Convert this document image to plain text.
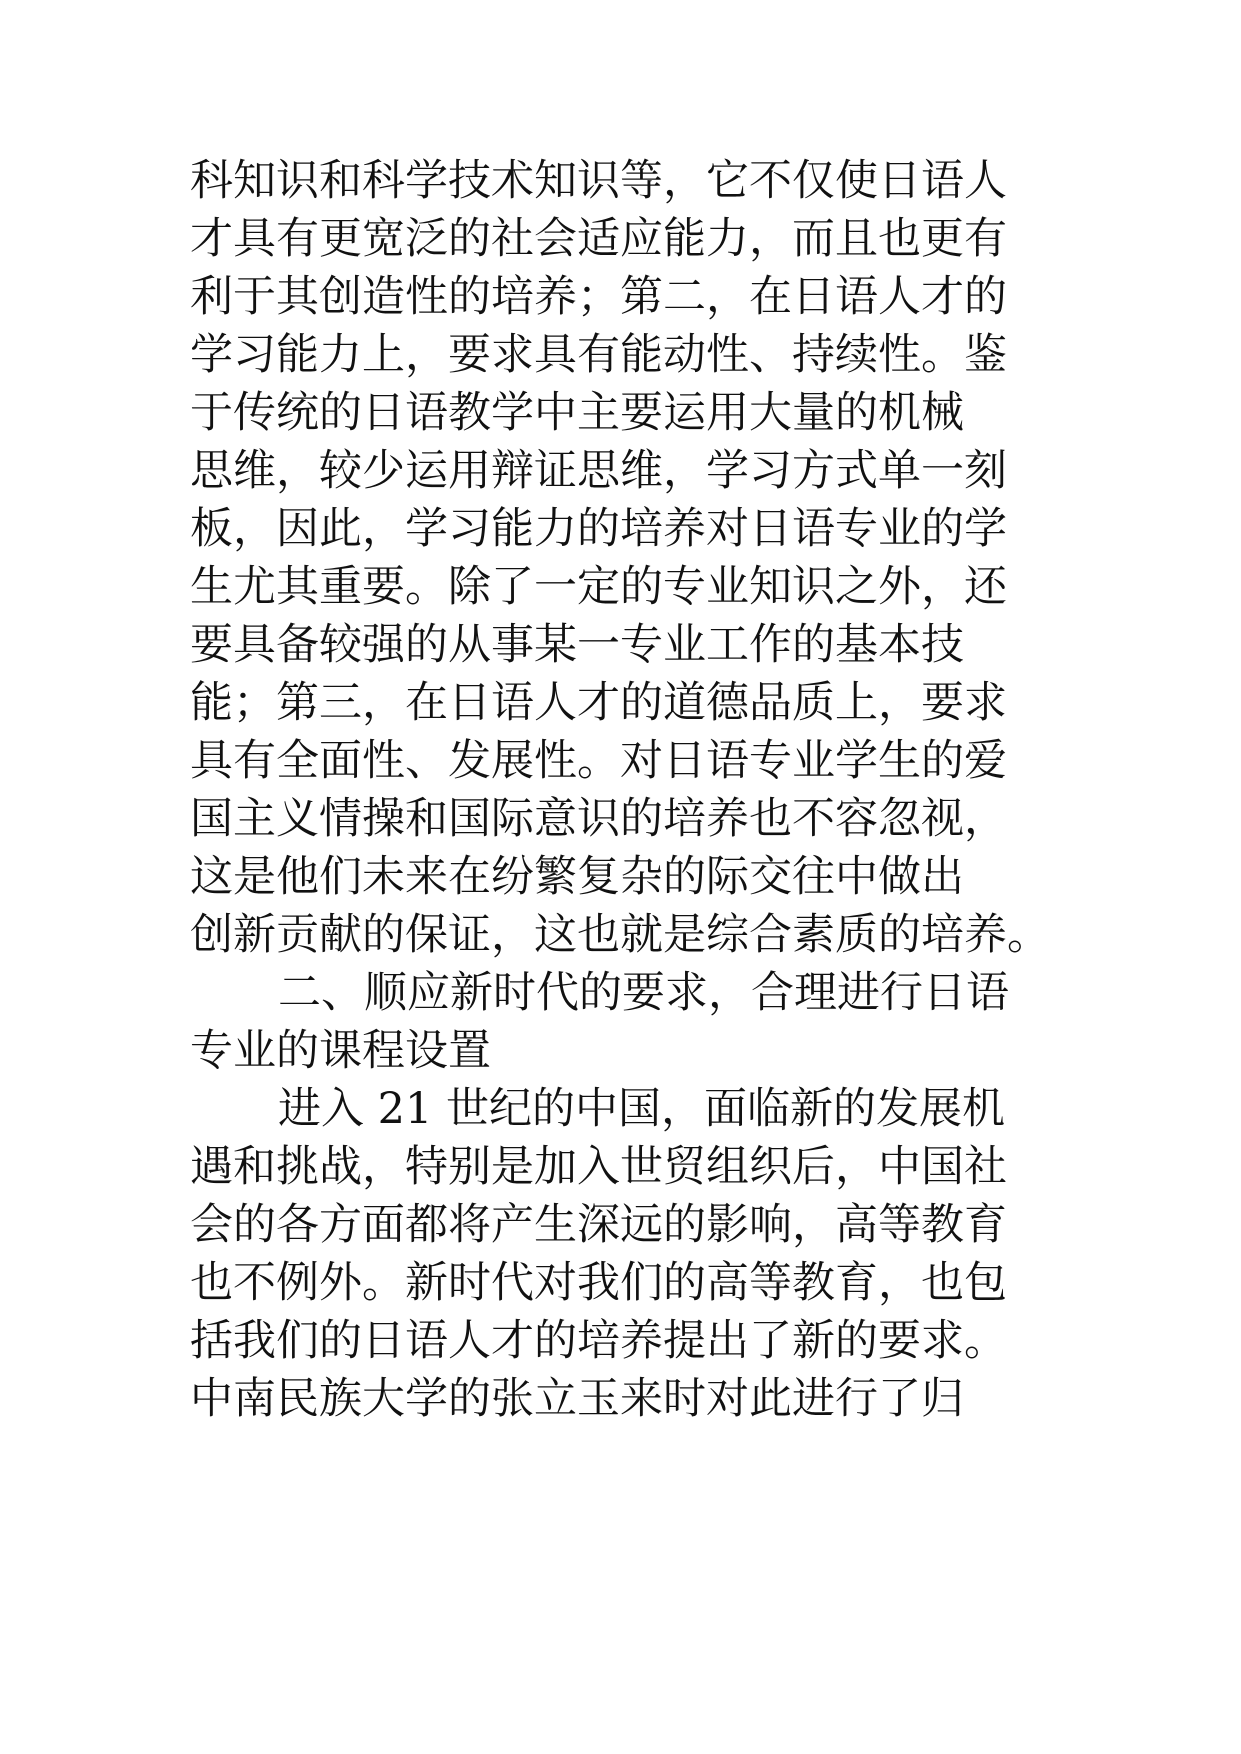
科知识和科学技术知识等，它不仅使日语人
才具有更宽泛的社会适应能力，而且也更有
利于其创造性的培养；第二，在日语人才的
学习能力上，要求具有能动性、持续性。鉴
于传统的日语教学中主要运用大量的机械
思维，较少运用辩证思维，学习方式单一刻
板，因此，学习能力的培养对日语专业的学
生尤其重要。除了一定的专业知识之外，还
要具备较强的从事某一专业工作的基本技
能；第三，在日语人才的道德品质上，要求
具有全面性、发展性。对日语专业学生的爱
国主义情操和国际意识的培养也不容忽视，
这是他们未来在纷繁复杂的际交往中做出
创新贡献的保证，这也就是综合素质的培养。
二、顺应新时代的要求，合理进行日语
专业的课程设置
进入 21 世纪的中国，面临新的发展机
遇和挑战，特别是加入世贸组织后，中国社
会的各方面都将产生深远的影响，高等教育
也不例外。新时代对我们的高等教育，也包
括我们的日语人才的培养提出了新的要求。
中南民族大学的张立玉来时对此进行了归
